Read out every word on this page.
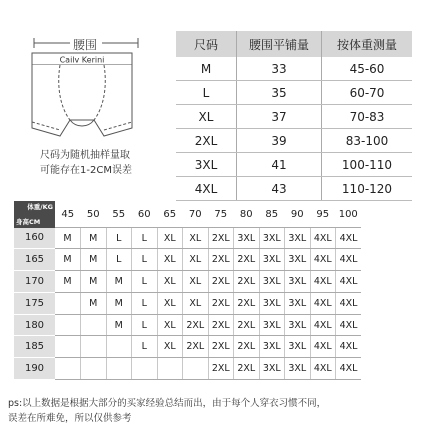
腰围
Cailv Kerini
尺码为随机抽样量取
可能存在1-2CM误差
尺码	腰围平铺量	按体重测量
M	33	45-60
L	35	60-70
XL	37	70-83
2XL	39	83-100
3XL	41	100-110
4XL	43	110-120
体重/KG
身高CM	45	50	55	60	65	70	75	80	85	90	95	100
160	M	M	L	L	XL	XL	2XL	3XL	3XL	3XL	4XL	4XL
165	M	M	L	L	XL	XL	2XL	2XL	3XL	3XL	4XL	4XL
170	M	M	M	L	XL	XL	2XL	2XL	3XL	3XL	4XL	4XL
175		M	M	L	XL	XL	2XL	2XL	3XL	3XL	4XL	4XL
180			M	L	XL	2XL	2XL	2XL	3XL	3XL	4XL	4XL
185				L	XL	2XL	2XL	2XL	3XL	3XL	4XL	4XL
190							2XL	2XL	3XL	3XL	4XL	4XL
ps:以上数据是根据大部分的买家经验总结而出，由于每个人穿衣习惯不同，
误差在所难免，所以仅供参考
